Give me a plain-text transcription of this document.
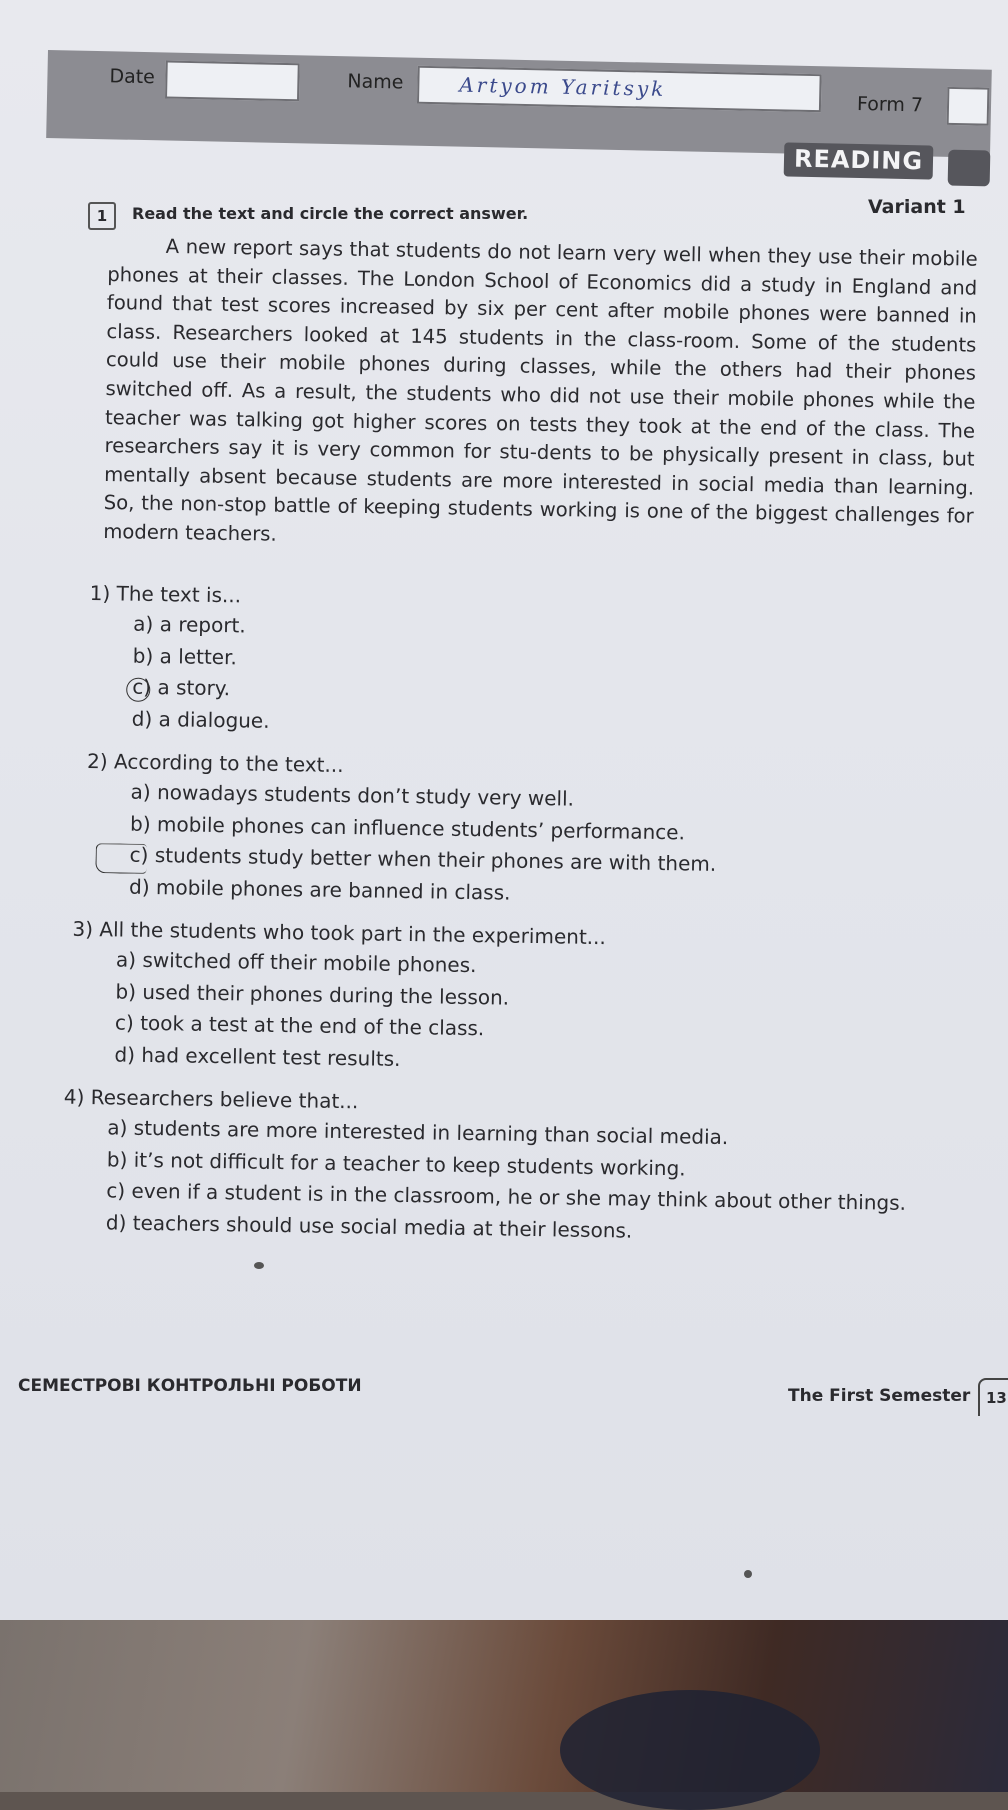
Date	Name	Artyom Yaritsyk
Form 7
READING
Variant 1
1	Read the text and circle the correct answer.
A new report says that students do not learn very well when they use their mobile phones at their classes. The London School of Economics did a study in England and found that test scores increased by six per cent after mobile phones were banned in class. Researchers looked at 145 students in the class-room. Some of the students could use their mobile phones during classes, while the others had their phones switched off. As a result, the students who did not use their mobile phones while the teacher was talking got higher scores on tests they took at the end of the class. The researchers say it is very common for stu-dents to be physically present in class, but mentally absent because students are more interested in social media than learning. So, the non-stop battle of keeping students working is one of the biggest challenges for modern teachers.
1) The text is...
a) a report.
b) a letter.
c) a story.
d) a dialogue.
2) According to the text...
a) nowadays students don’t study very well.
b) mobile phones can influence students’ performance.
c) students study better when their phones are with them.
d) mobile phones are banned in class.
3) All the students who took part in the experiment...
a) switched off their mobile phones.
b) used their phones during the lesson.
c) took a test at the end of the class.
d) had excellent test results.
4) Researchers believe that...
a) students are more interested in learning than social media.
b) it’s not difficult for a teacher to keep students working.
c) even if a student is in the classroom, he or she may think about other things.
d) teachers should use social media at their lessons.
СЕМЕСТРОВІ КОНТРОЛЬНІ РОБОТИ	The First Semester	13
